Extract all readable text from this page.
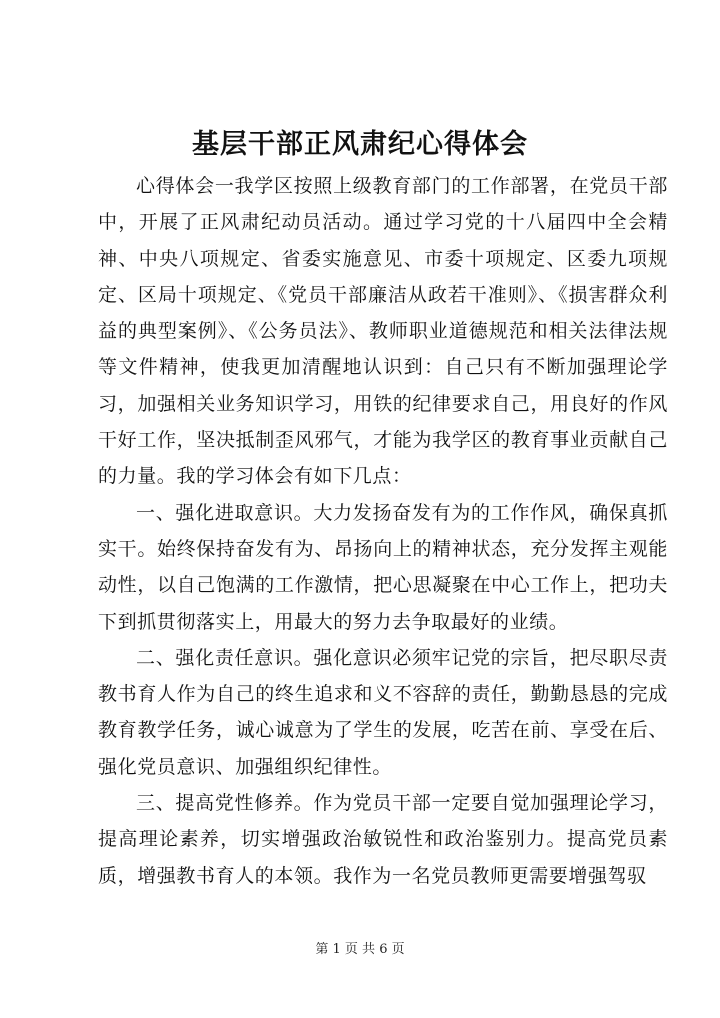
基层干部正风肃纪心得体会

心得体会一我学区按照上级教育部门的工作部署，在党员干部中，开展了正风肃纪动员活动。通过学习党的十八届四中全会精神、中央八项规定、省委实施意见、市委十项规定、区委九项规定、区局十项规定、《党员干部廉洁从政若干准则》、《损害群众利益的典型案例》、《公务员法》、教师职业道德规范和相关法律法规等文件精神，使我更加清醒地认识到：自己只有不断加强理论学习，加强相关业务知识学习，用铁的纪律要求自己，用良好的作风干好工作，坚决抵制歪风邪气，才能为我学区的教育事业贡献自己的力量。我的学习体会有如下几点：

一、强化进取意识。大力发扬奋发有为的工作作风，确保真抓实干。始终保持奋发有为、昂扬向上的精神状态，充分发挥主观能动性，以自己饱满的工作激情，把心思凝聚在中心工作上，把功夫下到抓贯彻落实上，用最大的努力去争取最好的业绩。

二、强化责任意识。强化意识必须牢记党的宗旨，把尽职尽责教书育人作为自己的终生追求和义不容辞的责任，勤勤恳恳的完成教育教学任务，诚心诚意为了学生的发展，吃苦在前、享受在后、强化党员意识、加强组织纪律性。

三、提高党性修养。作为党员干部一定要自觉加强理论学习，提高理论素养，切实增强政治敏锐性和政治鉴别力。提高党员素质，增强教书育人的本领。我作为一名党员教师更需要增强驾驭

第 1 页 共 6 页
